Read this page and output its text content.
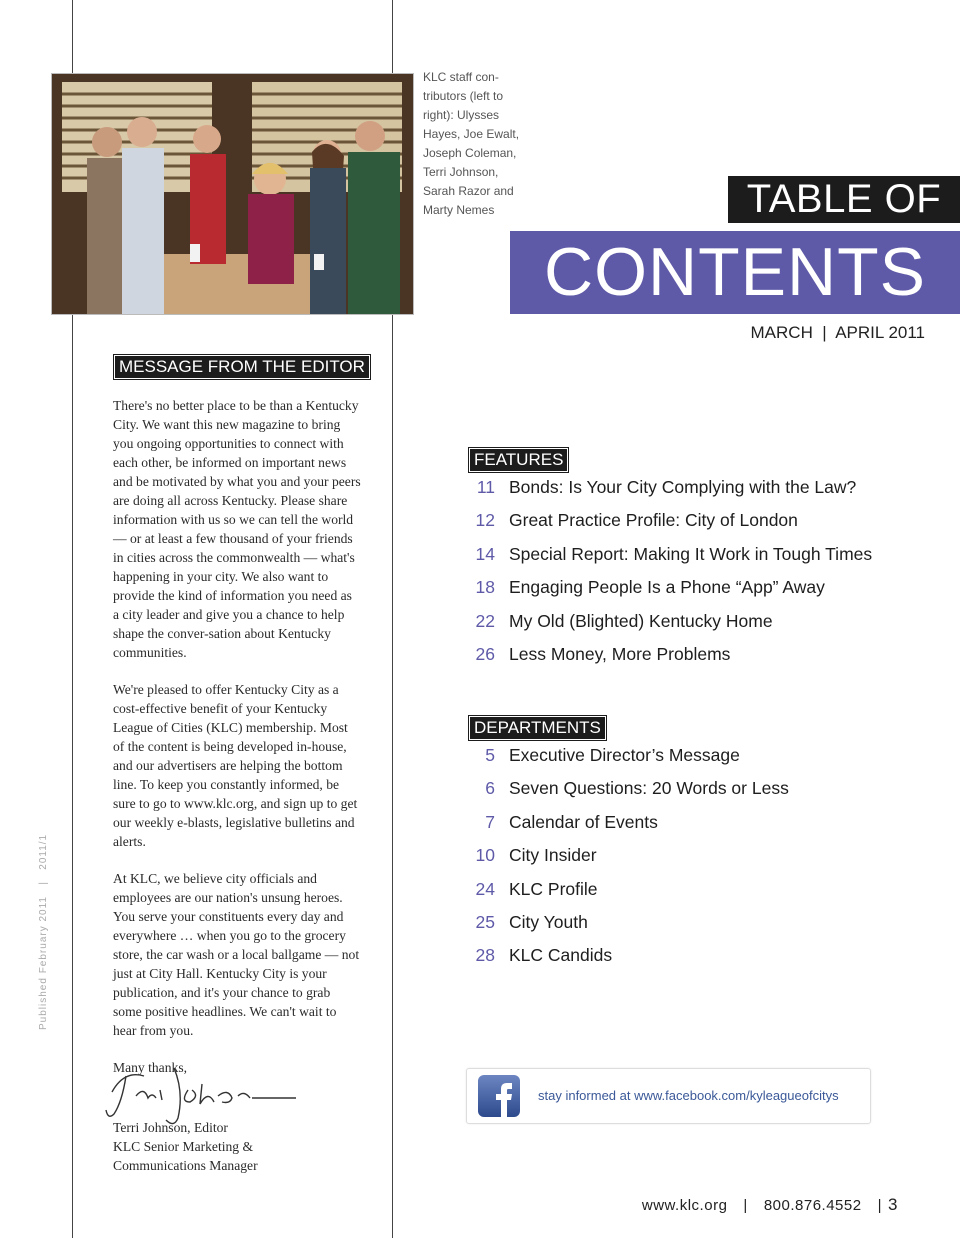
KLC staff con-tributors (left to right): Ulysses Hayes, Joe Ewalt, Joseph Coleman, Terri Johnson, Sarah Razor and Marty Nemes	TABLE OF
CONTENTS
MARCH  |  APRIL 2011
MESSAGE FROM THE EDITOR

There's no better place to be than a Kentucky City. We want this new magazine to bring you ongoing opportunities to connect with each other, be informed on important news and be motivated by what you and your peers are doing all across Kentucky. Please share information with us so we can tell the world — or at least a few thousand of your friends in cities across the commonwealth — what's happening in your city. We also want to provide the kind of information you need as a city leader and give you a chance to help shape the conver-sation about Kentucky communities.

We're pleased to offer Kentucky City as a cost-effective benefit of your Kentucky League of Cities (KLC) membership. Most of the content is being developed in-house, and our advertisers are helping the bottom line. To keep you constantly informed, be sure to go to www.klc.org, and sign up to get our weekly e-blasts, legislative bulletins and alerts.

At KLC, we believe city officials and employees are our nation's unsung heroes. You serve your constituents every day and everywhere … when you go to the grocery store, the car wash or a local ballgame — not just at City Hall. Kentucky City is your publication, and it's your chance to grab some positive headlines. We can't wait to hear from you.

Many thanks,

Terri Johnson, Editor
KLC Senior Marketing &
Communications Manager
Published February 2011   |   2011/1
FEATURES
11 Bonds: Is Your City Complying with the Law?
12 Great Practice Profile: City of London
14 Special Report: Making It Work in Tough Times
18 Engaging People Is a Phone “App” Away
22 My Old (Blighted) Kentucky Home
26 Less Money, More Problems
DEPARTMENTS
5 Executive Director’s Message
6 Seven Questions: 20 Words or Less
7 Calendar of Events
10 City Insider
24 KLC Profile
25 City Youth
28 KLC Candids
stay informed at www.facebook.com/kyleagueofcitys
www.klc.org | 800.876.4552 | 3
